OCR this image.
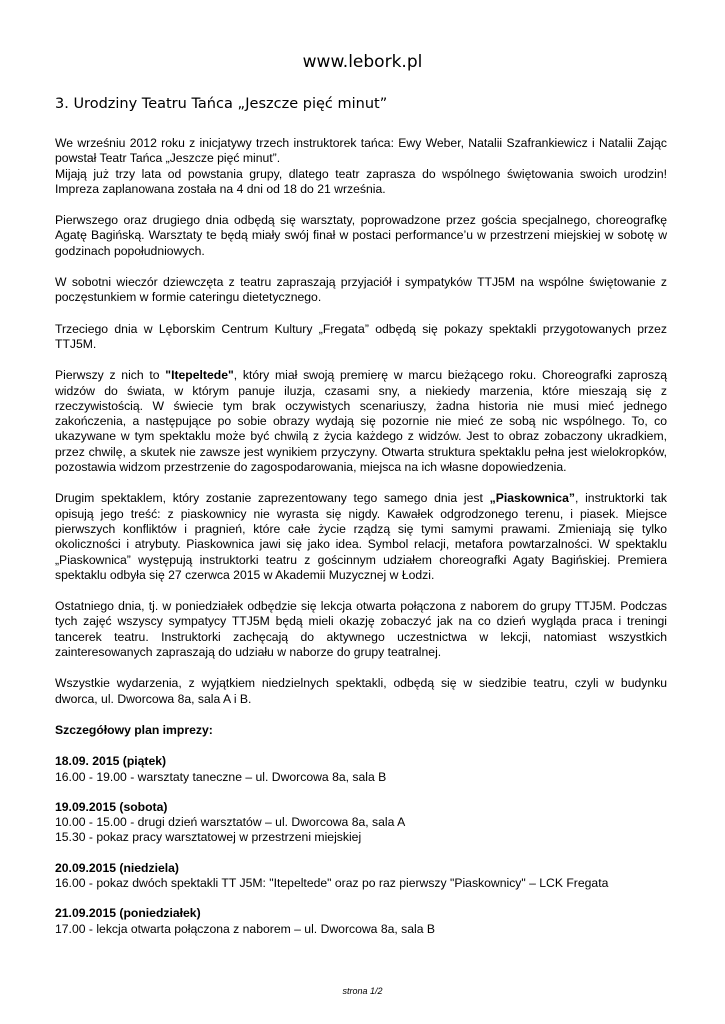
www.lebork.pl
3. Urodziny Teatru Tańca „Jeszcze pięć minut”

We wrześniu 2012 roku z inicjatywy trzech instruktorek tańca: Ewy Weber, Natalii Szafrankiewicz i Natalii Zając powstał Teatr Tańca „Jeszcze pięć minut”.

Mijają już trzy lata od powstania grupy, dlatego teatr zaprasza do wspólnego świętowania swoich urodzin! Impreza zaplanowana została na 4 dni od 18 do 21 września.

Pierwszego oraz drugiego dnia odbędą się warsztaty, poprowadzone przez gościa specjalnego, choreografkę Agatę Bagińską. Warsztaty te będą miały swój finał w postaci performance’u w przestrzeni miejskiej w sobotę w godzinach popołudniowych.

W sobotni wieczór dziewczęta z teatru zapraszają przyjaciół i sympatyków TTJ5M na wspólne świętowanie z poczęstunkiem w formie cateringu dietetycznego.

Trzeciego dnia w Lęborskim Centrum Kultury „Fregata” odbędą się pokazy spektakli przygotowanych przez TTJ5M.

Pierwszy z nich to "Itepeltede", który miał swoją premierę w marcu bieżącego roku. Choreografki zaproszą widzów do świata, w którym panuje iluzja, czasami sny, a niekiedy marzenia, które mieszają się z rzeczywistością. W świecie tym brak oczywistych scenariuszy, żadna historia nie musi mieć jednego zakończenia, a następujące po sobie obrazy wydają się pozornie nie mieć ze sobą nic wspólnego. To, co ukazywane w tym spektaklu może być chwilą z życia każdego z widzów. Jest to obraz zobaczony ukradkiem, przez chwilę, a skutek nie zawsze jest wynikiem przyczyny. Otwarta struktura spektaklu pełna jest wielokropków, pozostawia widzom przestrzenie do zagospodarowania, miejsca na ich własne dopowiedzenia.

Drugim spektaklem, który zostanie zaprezentowany tego samego dnia jest „Piaskownica”, instruktorki tak opisują jego treść: z piaskownicy nie wyrasta się nigdy. Kawałek odgrodzonego terenu, i piasek. Miejsce pierwszych konfliktów i pragnień, które całe życie rządzą się tymi samymi prawami. Zmieniają się tylko okoliczności i atrybuty. Piaskownica jawi się jako idea. Symbol relacji, metafora powtarzalności. W spektaklu „Piaskownica” występują instruktorki teatru z gościnnym udziałem choreografki Agaty Bagińskiej. Premiera spektaklu odbyła się 27 czerwca 2015 w Akademii Muzycznej w Łodzi.

Ostatniego dnia, tj. w poniedziałek odbędzie się lekcja otwarta połączona z naborem do grupy TTJ5M. Podczas tych zajęć wszyscy sympatycy TTJ5M będą mieli okazję zobaczyć jak na co dzień wygląda praca i treningi tancerek teatru. Instruktorki zachęcają do aktywnego uczestnictwa w lekcji, natomiast wszystkich zainteresowanych zapraszają do udziału w naborze do grupy teatralnej.

Wszystkie wydarzenia, z wyjątkiem niedzielnych spektakli, odbędą się w siedzibie teatru, czyli w budynku dworca, ul. Dworcowa 8a, sala A i B.

Szczegółowy plan imprezy:
18.09. 2015 (piątek)
16.00 - 19.00 - warsztaty taneczne – ul. Dworcowa 8a, sala B
19.09.2015 (sobota)
10.00 - 15.00 - drugi dzień warsztatów – ul. Dworcowa 8a, sala A
15.30 - pokaz pracy warsztatowej w przestrzeni miejskiej
20.09.2015 (niedziela)
16.00 - pokaz dwóch spektakli TT J5M: "Itepeltede" oraz po raz pierwszy "Piaskownicy" – LCK Fregata
21.09.2015 (poniedziałek)
17.00 - lekcja otwarta połączona z naborem – ul. Dworcowa 8a, sala B
strona 1/2
